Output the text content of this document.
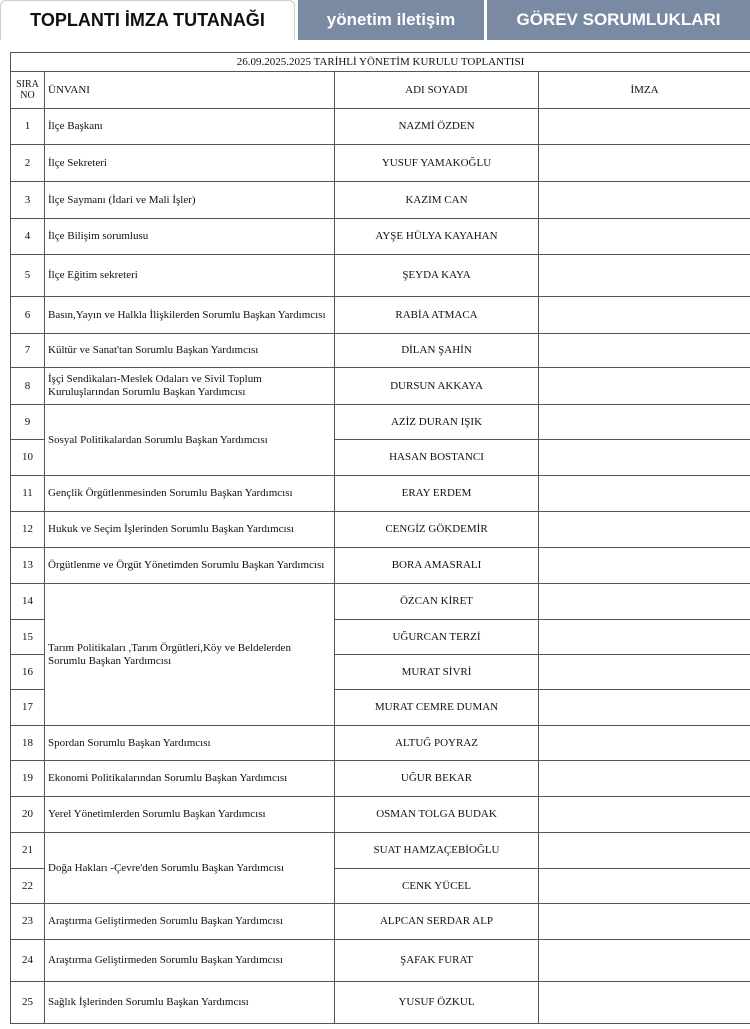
TOPLANTI İMZA TUTANAĞI	yönetim iletişim	GÖREV SORUMLUKLARI
26.09.2025.2025 TARİHLİ YÖNETİM KURULU TOPLANTISI			
SIRA NO	ÜNVANI	ADI SOYADI	İMZA
1	İlçe Başkanı	NAZMİ ÖZDEN	
2	İlçe Sekreteri	YUSUF YAMAKOĞLU	
3	İlçe Saymanı (İdari ve Mali İşler)	KAZIM CAN	
4	İlçe Bilişim sorumlusu	AYŞE HÜLYA KAYAHAN	
5	İlçe Eğitim sekreteri	ŞEYDA KAYA	
6	Basın,Yayın ve Halkla İlişkilerden Sorumlu Başkan Yardımcısı	RABİA ATMACA	
7	Kültür ve Sanat'tan Sorumlu Başkan Yardımcısı	DİLAN ŞAHİN	
8	İşçi Sendikaları-Meslek Odaları ve Sivil Toplum Kuruluşlarından Sorumlu Başkan Yardımcısı	DURSUN AKKAYA	
9	Sosyal Politikalardan Sorumlu Başkan Yardımcısı	AZİZ DURAN IŞIK	
10		HASAN BOSTANCI	
11	Gençlik Örgütlenmesinden Sorumlu Başkan Yardımcısı	ERAY ERDEM	
12	Hukuk ve Seçim İşlerinden Sorumlu Başkan Yardımcısı	CENGİZ GÖKDEMİR	
13	Örgütlenme ve Örgüt Yönetimden Sorumlu Başkan Yardımcısı	BORA AMASRALI	
14	Tarım Politikaları ,Tarım Örgütleri,Köy ve Beldelerden Sorumlu Başkan Yardımcısı	ÖZCAN KİRET	
15		UĞURCAN TERZİ	
16		MURAT SİVRİ	
17		MURAT CEMRE DUMAN	
18	Spordan Sorumlu Başkan Yardımcısı	ALTUĞ POYRAZ	
19	Ekonomi Politikalarından Sorumlu Başkan Yardımcısı	UĞUR BEKAR	
20	Yerel Yönetimlerden Sorumlu Başkan Yardımcısı	OSMAN TOLGA BUDAK	
21	Doğa Hakları -Çevre'den Sorumlu Başkan Yardımcısı	SUAT HAMZAÇEBİOĞLU	
22		CENK YÜCEL	
23	Araştırma Geliştirmeden Sorumlu Başkan Yardımcısı	ALPCAN SERDAR ALP	
24	Araştırma Geliştirmeden Sorumlu Başkan Yardımcısı	ŞAFAK FURAT	
25	Sağlık İşlerinden Sorumlu Başkan Yardımcısı	YUSUF ÖZKUL	
